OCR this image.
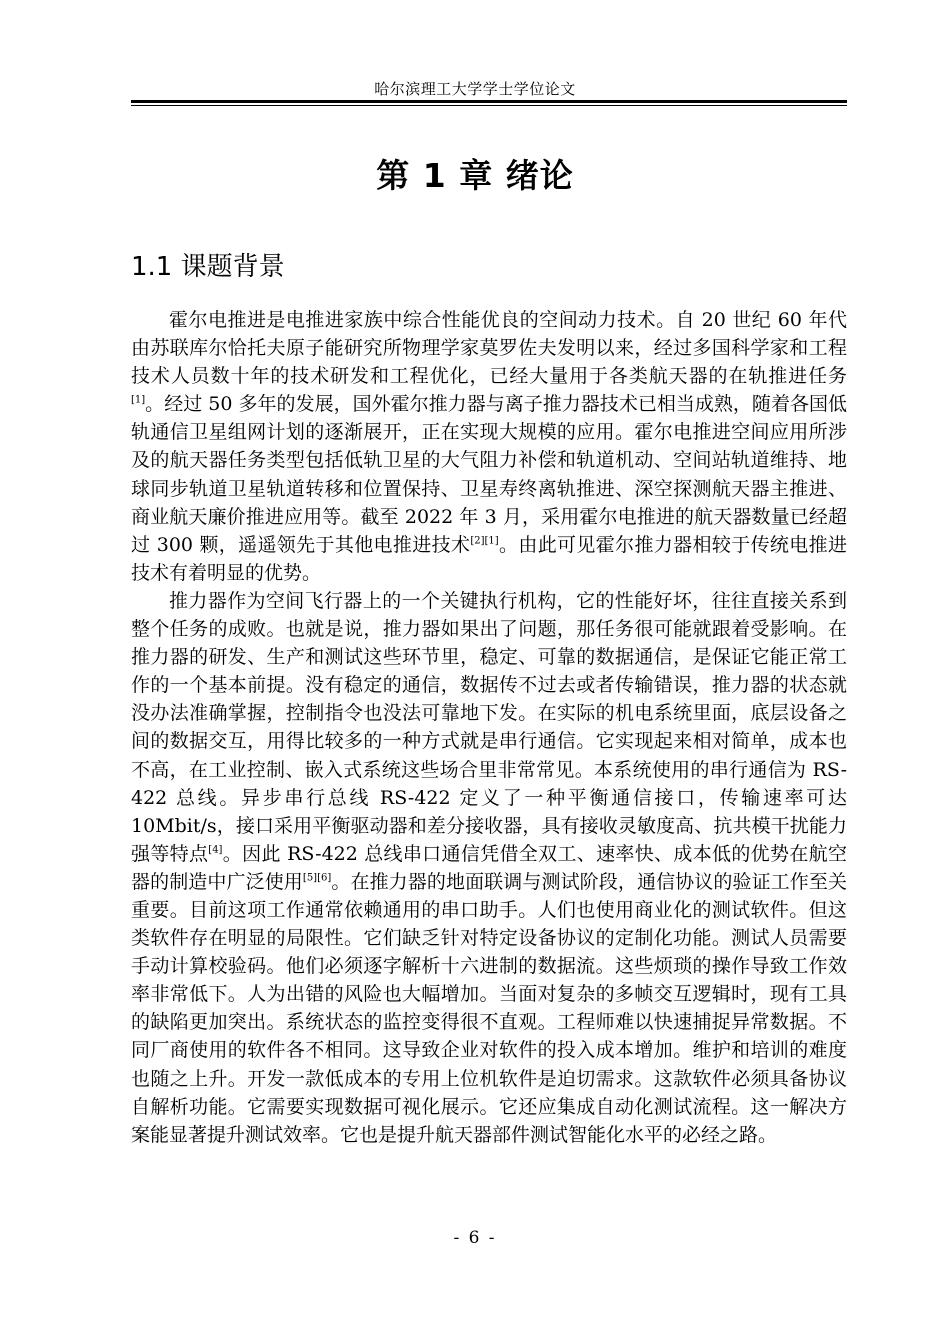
哈尔滨理工大学学士学位论文
第 1 章 绪论
1.1 课题背景

霍尔电推进是电推进家族中综合性能优良的空间动力技术。自 20 世纪 60 年代由苏联库尔恰托夫原子能研究所物理学家莫罗佐夫发明以来，经过多国科学家和工程技术人员数十年的技术研发和工程优化，已经大量用于各类航天器的在轨推进任务[1]。经过 50 多年的发展，国外霍尔推力器与离子推力器技术已相当成熟，随着各国低轨通信卫星组网计划的逐渐展开，正在实现大规模的应用。霍尔电推进空间应用所涉及的航天器任务类型包括低轨卫星的大气阻力补偿和轨道机动、空间站轨道维持、地球同步轨道卫星轨道转移和位置保持、卫星寿终离轨推进、深空探测航天器主推进、商业航天廉价推进应用等。截至 2022 年 3 月，采用霍尔电推进的航天器数量已经超过 300 颗，遥遥领先于其他电推进技术[2][1]。由此可见霍尔推力器相较于传统电推进技术有着明显的优势。

推力器作为空间飞行器上的一个关键执行机构，它的性能好坏，往往直接关系到整个任务的成败。也就是说，推力器如果出了问题，那任务很可能就跟着受影响。在推力器的研发、生产和测试这些环节里，稳定、可靠的数据通信，是保证它能正常工作的一个基本前提。没有稳定的通信，数据传不过去或者传输错误，推力器的状态就没办法准确掌握，控制指令也没法可靠地下发。在实际的机电系统里面，底层设备之间的数据交互，用得比较多的一种方式就是串行通信。它实现起来相对简单，成本也不高，在工业控制、嵌入式系统这些场合里非常常见。本系统使用的串行通信为 RS-422 总线。异步串行总线 RS-422 定义了一种平衡通信接口，传输速率可达 10Mbit/s，接口采用平衡驱动器和差分接收器，具有接收灵敏度高、抗共模干扰能力强等特点[4]。因此 RS-422 总线串口通信凭借全双工、速率快、成本低的优势在航空器的制造中广泛使用[5][6]。在推力器的地面联调与测试阶段，通信协议的验证工作至关重要。目前这项工作通常依赖通用的串口助手。人们也使用商业化的测试软件。但这类软件存在明显的局限性。它们缺乏针对特定设备协议的定制化功能。测试人员需要手动计算校验码。他们必须逐字解析十六进制的数据流。这些烦琐的操作导致工作效率非常低下。人为出错的风险也大幅增加。当面对复杂的多帧交互逻辑时，现有工具的缺陷更加突出。系统状态的监控变得很不直观。工程师难以快速捕捉异常数据。不同厂商使用的软件各不相同。这导致企业对软件的投入成本增加。维护和培训的难度也随之上升。开发一款低成本的专用上位机软件是迫切需求。这款软件必须具备协议自解析功能。它需要实现数据可视化展示。它还应集成自动化测试流程。这一解决方案能显著提升测试效率。它也是提升航天器部件测试智能化水平的必经之路。

- 6 -
